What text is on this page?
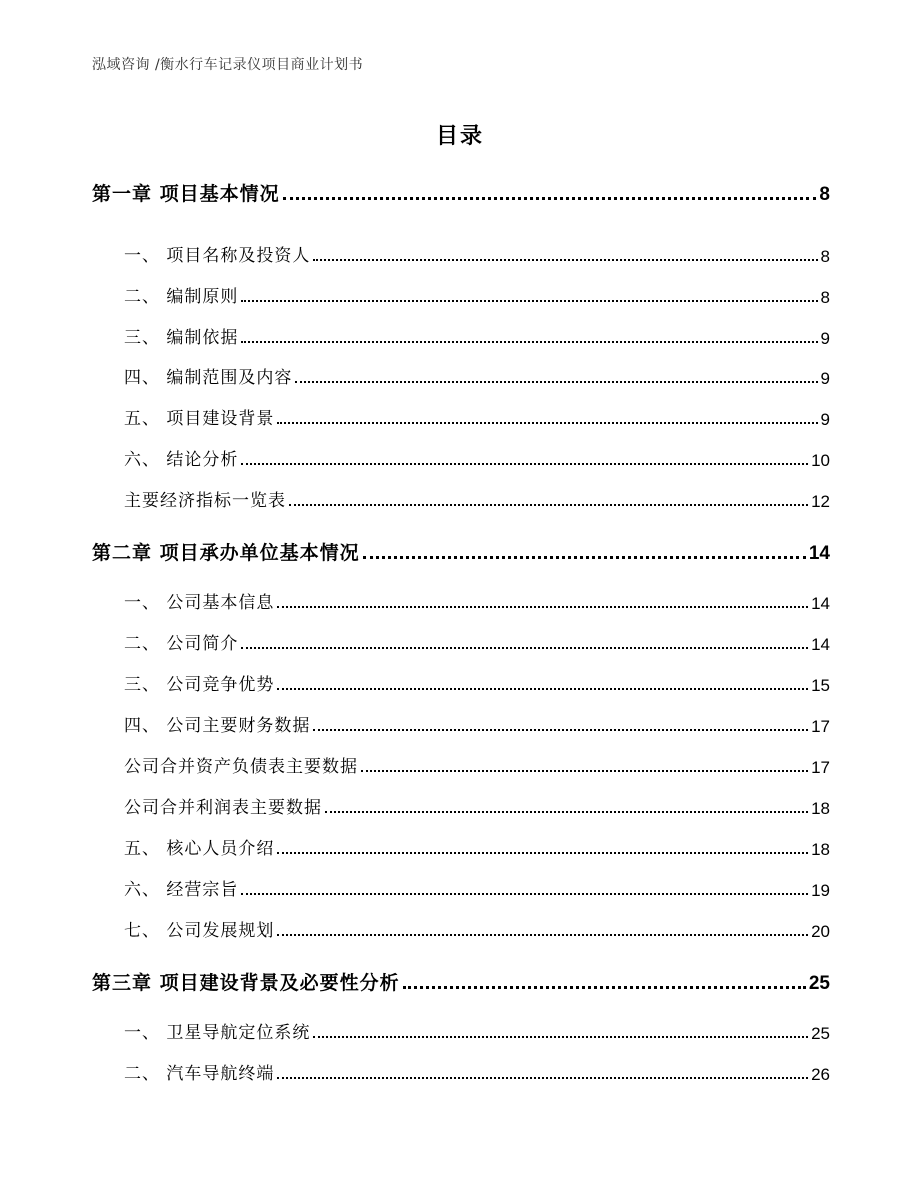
泓域咨询 /衡水行车记录仪项目商业计划书
目录
第一章 项目基本情况	8
一、 项目名称及投资人	8
二、 编制原则	8
三、 编制依据	9
四、 编制范围及内容	9
五、 项目建设背景	9
六、 结论分析	10
主要经济指标一览表	12
第二章 项目承办单位基本情况	14
一、 公司基本信息	14
二、 公司简介	14
三、 公司竞争优势	15
四、 公司主要财务数据	17
公司合并资产负债表主要数据	17
公司合并利润表主要数据	18
五、 核心人员介绍	18
六、 经营宗旨	19
七、 公司发展规划	20
第三章 项目建设背景及必要性分析	25
一、 卫星导航定位系统	25
二、 汽车导航终端	26
